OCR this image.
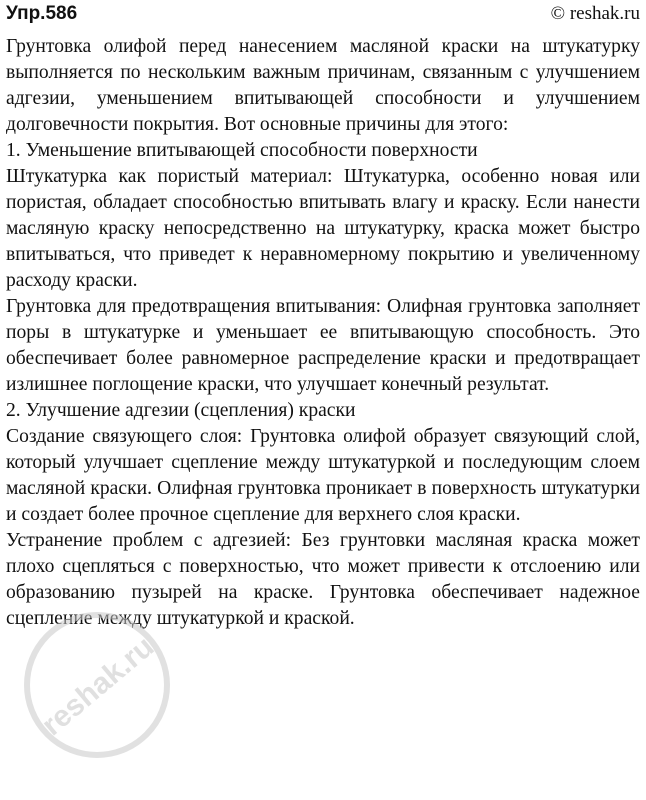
Упр.586	© reshak.ru

Грунтовка олифой перед нанесением масляной краски на штукатурку выполняется по нескольким важным причинам, связанным с улучшением адгезии, уменьшением впитывающей способности и улучшением долговечности покрытия. Вот основные причины для этого:

1. Уменьшение впитывающей способности поверхности

Штукатурка как пористый материал: Штукатурка, особенно новая или пористая, обладает способностью впитывать влагу и краску. Если нанести масляную краску непосредственно на штукатурку, краска может быстро впитываться, что приведет к неравномерному покрытию и увеличенному расходу краски.

Грунтовка для предотвращения впитывания: Олифная грунтовка заполняет поры в штукатурке и уменьшает ее впитывающую способность. Это обеспечивает более равномерное распределение краски и предотвращает излишнее поглощение краски, что улучшает конечный результат.

2. Улучшение адгезии (сцепления) краски

Создание связующего слоя: Грунтовка олифой образует связующий слой, который улучшает сцепление между штукатуркой и последующим слоем масляной краски. Олифная грунтовка проникает в поверхность штукатурки и создает более прочное сцепление для верхнего слоя краски.

Устранение проблем с адгезией: Без грунтовки масляная краска может плохо сцепляться с поверхностью, что может привести к отслоению или образованию пузырей на краске. Грунтовка обеспечивает надежное сцепление между штукатуркой и краской.

reshak.ru
